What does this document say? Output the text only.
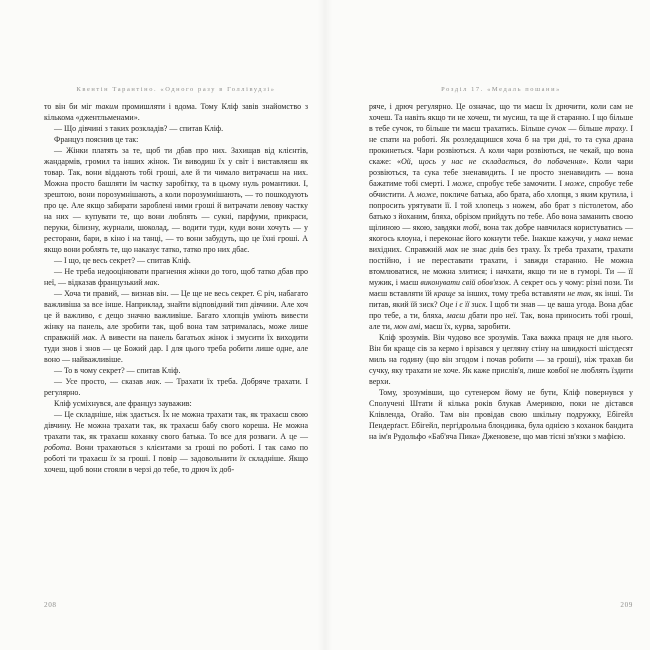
Квентін Тарантіно. «Одного разу в Голлівудзі»

то він би міг таким промишляти і вдома. Тому Кліф завів знайомство з кількома «джентльменами».

— Що дівчині з таких розкладів? — спитав Кліф.

Француз пояснив це так:

— Жінки платять за те, щоб ти дбав про них. Захищав від клієнтів, жандармів, громил та інших жінок. Ти виводиш їх у світ і виставляєш як товар. Так, вони віддають тобі гроші, але й ти чимало витрачаєш на них. Можна просто башляти їм частку заробітку, та в цьому нуль романтики. І, зрештою, вони порозумнішають, а коли порозумнішають, — то пошкодують про це. Але якщо забирати зароблені ними гроші й витрачати левову частку на них — купувати те, що вони люблять — сукні, парфуми, прикраси, перуки, білизну, журнали, шоколад, — водити туди, куди вони хочуть — у ресторани, бари, в кіно і на танці, — то вони забудуть, що це їхні гроші. А якщо вони роблять те, що наказує татко, татко про них дбає.

— І що, це весь секрет? — спитав Кліф.

— Не треба недооцінювати прагнення жінки до того, щоб татко дбав про неї, — відказав французький мак.

— Хоча ти правий, — визнав він. — Це ще не весь секрет. Є річ, набагато важливіша за все інше. Наприклад, знайти відповідний тип дівчини. Але хоч це й важливо, є дещо значно важливіше. Багато хлопців уміють вивести жінку на панель, але зробити так, щоб вона там затрималась, може лише справжній мак. А вивести на панель багатьох жінок і змусити їх виходити туди знов і знов — це Божий дар. І для цього треба робити лише одне, але воно — найважливіше.

— То в чому секрет? — спитав Кліф.

— Усе просто, — сказав мак. — Трахати їх треба. Добряче трахати. І регулярно.

Кліф усміхнувся, але француз зауважив:

— Це складніше, ніж здається. Їх не можна трахати так, як трахаєш свою дівчину. Не можна трахати так, як трахаєш бабу свого кореша. Не можна трахати так, як трахаєш коханку свого батька. То все для розваги. А це — робота. Вони трахаються з клієнтами за гроші по роботі. І так само по роботі ти трахаєш їх за гроші. І повір — задовольнити їх складніше. Якщо хочеш, щоб вони стояли в черзі до тебе, то дрюч їх доб-

208
Розділ 17. «Медаль пошани»

ряче, і дрюч регулярно. Це означає, що ти маєш їх дрючити, коли сам не хочеш. Та навіть якщо ти не хочеш, ти мусиш, та ще й старанно. І що більше в тебе сучок, то більше ти маєш трахатись. Більше сучок — більше траху. І не спати на роботі. Як розледащишся хоча б на три дні, то та сука драна прокинеться. Чари розвіються. А коли чари розвіються, не чекай, що вона скаже: «Ой, щось у нас не складається, до побачення». Коли чари розвіються, та сука тебе зненавидить. І не просто зненавидить — вона бажатиме тобі смерті. І може, спробує тебе замочити. І може, спробує тебе обчистити. А може, покличе батька, або брата, або хлопця, з яким крутила, і попросить урятувати її. І той хлопець з ножем, або брат з пістолетом, або батько з йоханим, бляха, обрізом прийдуть по тебе. Або вона заманить своєю щілиною — якою, завдяки тобі, вона так добре навчилася користуватись — якогось клоуна, і переконає його кокнути тебе. Інакше кажучи, у мака немає вихідних. Справжній мак не знає днів без траху. Їх треба трахати, трахати постійно, і не переставати трахати, і завжди старанно. Не можна втомлюватися, не можна злитися; і начхати, якщо ти не в гуморі. Ти — її мужик, і маєш виконувати свій обов'язок. А секрет ось у чому: різні пози. Ти маєш вставляти їй краще за інших, тому треба вставляти не так, як інші. Ти питав, який їй зиск? Оце і є її зиск. І щоб ти знав — це ваша угода. Вона дбає про тебе, а ти, бляха, маєш дбати про неї. Так, вона приносить тобі гроші, але ти, мон амі, маєш їх, курва, заробити.

Кліф зрозумів. Він чудово все зрозумів. Така важка праця не для нього. Він би краще сів за кермо і врізався у цегляну стіну на швидкості шістдесят миль на годину (що він згодом і почав робити — за гроші), ніж трахав би сучку, яку трахати не хоче. Як каже прислів'я, лише ковбої не люблять їздити верхи.

Тому, зрозумівши, що сутенером йому не бути, Кліф повернувся у Сполучені Штати й кілька років блукав Америкою, поки не дістався Клівленда, Огайо. Там він провідав свою шкільну подружку, Ебігейл Пендерґаст. Ебігейл, пергідрольна блондинка, була однією з коханок бандита на ім'я Рудольфо «Баб'яча Пика» Дженовезе, що мав тісні зв'язки з мафією.

209
